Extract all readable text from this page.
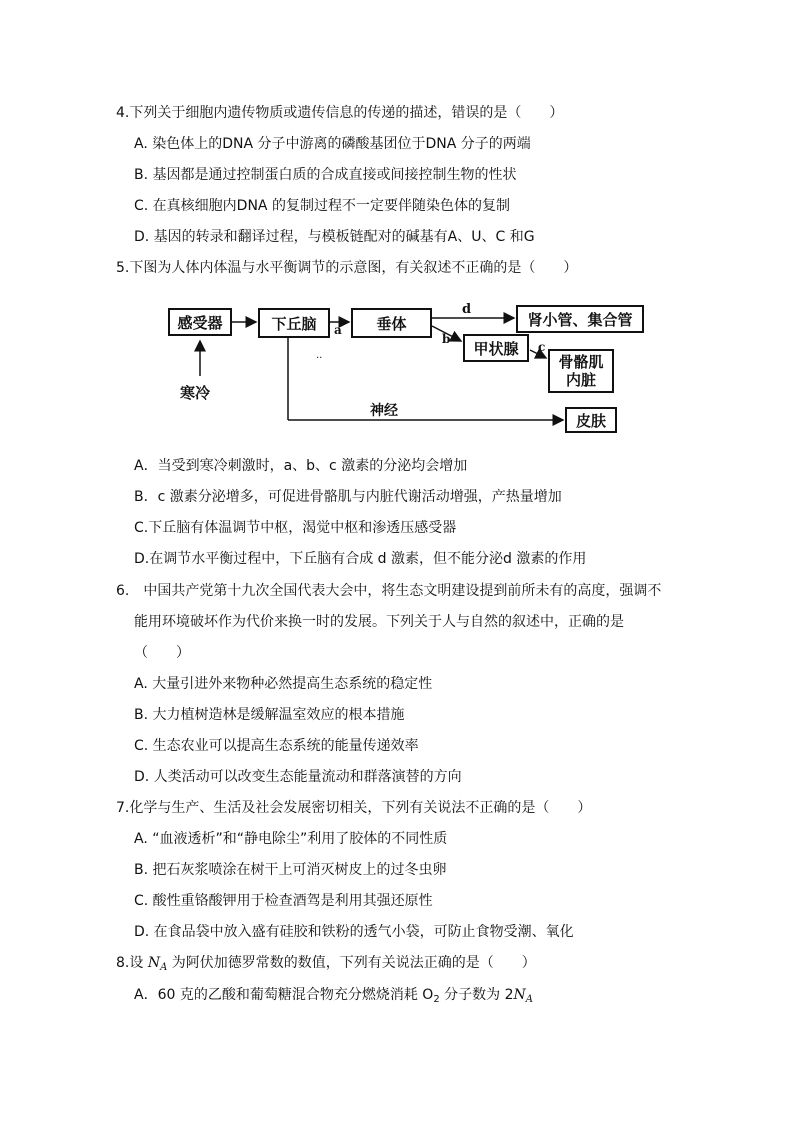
4.下列关于细胞内遗传物质或遗传信息的传递的描述，错误的是（　　）
A. 染色体上的DNA 分子中游离的磷酸基团位于DNA 分子的两端
B. 基因都是通过控制蛋白质的合成直接或间接控制生物的性状
C. 在真核细胞内DNA 的复制过程不一定要伴随染色体的复制
D. 基因的转录和翻译过程，与模板链配对的碱基有A、U、C 和G
5.下图为人体内体温与水平衡调节的示意图，有关叙述不正确的是（　　）
感受器	下丘脑	垂体	肾小管、集合管
甲状腺
骨骼肌
内脏
皮肤
寒冷
神经
a
b
c
d
..
A．当受到寒冷刺激时，a、b、c 激素的分泌均会增加
B．c 激素分泌增多，可促进骨骼肌与内脏代谢活动增强，产热量增加
C.下丘脑有体温调节中枢，渴觉中枢和渗透压感受器
D.在调节水平衡过程中，下丘脑有合成 d 激素，但不能分泌d 激素的作用
6.　中国共产党第十九次全国代表大会中，将生态文明建设提到前所未有的高度，强调不
能用环境破坏作为代价来换一时的发展。下列关于人与自然的叙述中，正确的是
（　　）
A. 大量引进外来物种必然提高生态系统的稳定性
B. 大力植树造林是缓解温室效应的根本措施
C. 生态农业可以提高生态系统的能量传递效率
D. 人类活动可以改变生态能量流动和群落演替的方向
7.化学与生产、生活及社会发展密切相关，下列有关说法不正确的是（　　）
A. “血液透析”和“静电除尘”利用了胶体的不同性质
B. 把石灰浆喷涂在树干上可消灭树皮上的过冬虫卵
C. 酸性重铬酸钾用于检查酒驾是利用其强还原性
D. 在食品袋中放入盛有硅胶和铁粉的透气小袋，可防止食物受潮、氧化
8.设 $N_A$ 为阿伏加德罗常数的数值，下列有关说法正确的是（　　）
A．60 克的乙酸和葡萄糖混合物充分燃烧消耗 $O_2$ 分子数为 $2N_A$
